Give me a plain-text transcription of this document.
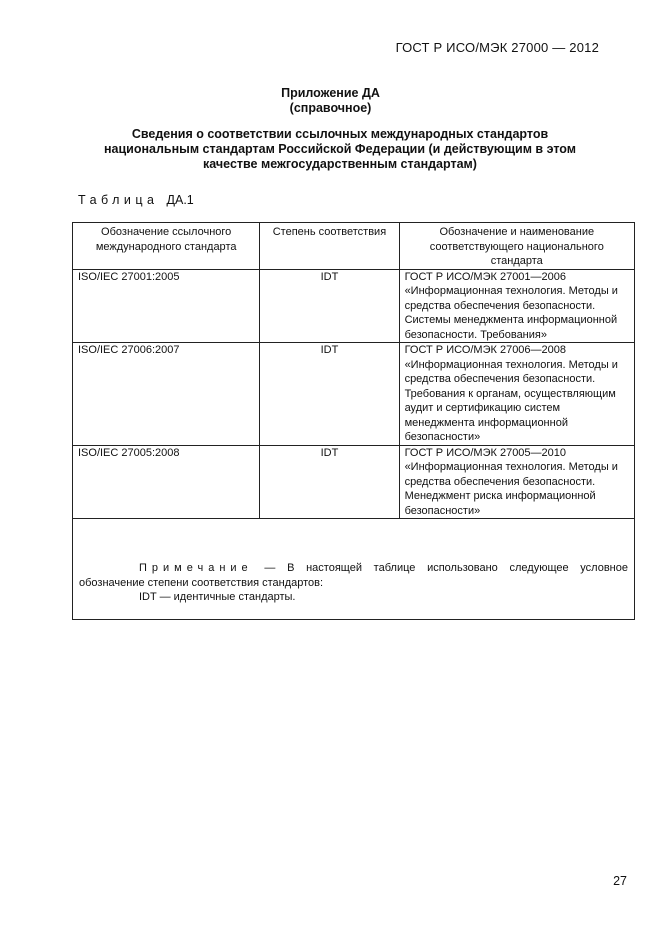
ГОСТ Р ИСО/МЭК 27000 — 2012
Приложение ДА
(справочное)
Сведения о соответствии ссылочных международных стандартов
национальным стандартам Российской Федерации (и действующим в этом
качестве межгосударственным стандартам)
Таблица ДА.1
Обозначение ссылочного международного стандарта	Степень соответствия	Обозначение и наименование соответствующего национального стандарта
ISO/IEC 27001:2005	IDT	ГОСТ Р ИСО/МЭК 27001—2006 «Информационная технология. Методы и средства обеспечения безопасности. Системы менеджмента информационной безопасности. Требования»
ISO/IEC 27006:2007	IDT	ГОСТ Р ИСО/МЭК 27006—2008 «Информационная технология. Методы и средства обеспечения безопасности. Требования к органам, осуществляющим аудит и сертификацию систем менеджмента информационной безопасности»
ISO/IEC 27005:2008	IDT	ГОСТ Р ИСО/МЭК 27005—2010 «Информационная технология. Методы и средства обеспечения безопасности. Менеджмент риска информационной безопасности»

Примечание — В настоящей таблице использовано следующее условное обозначение степени соответствия стандартов:
IDT — идентичные стандарты.		
27
